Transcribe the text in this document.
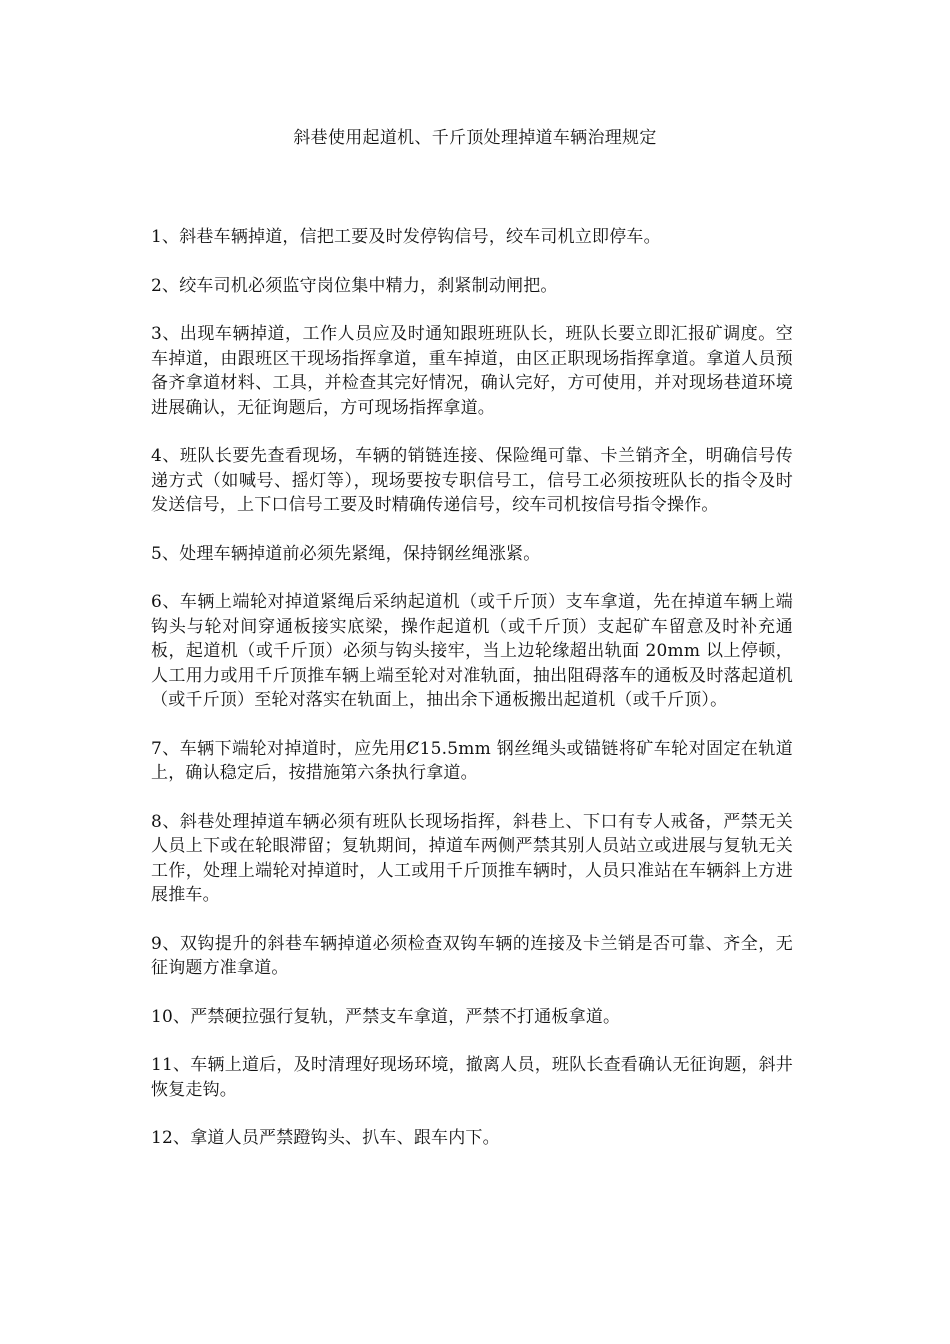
斜巷使用起道机、千斤顶处理掉道车辆治理规定

1、斜巷车辆掉道，信把工要及时发停钩信号，绞车司机立即停车。

2、绞车司机必须监守岗位集中精力，刹紧制动闸把。

3、出现车辆掉道，工作人员应及时通知跟班班队长，班队长要立即汇报矿调度。空车掉道，由跟班区干现场指挥拿道，重车掉道，由区正职现场指挥拿道。拿道人员预备齐拿道材料、工具，并检查其完好情况，确认完好，方可使用，并对现场巷道环境进展确认，无征询题后，方可现场指挥拿道。

4、班队长要先查看现场，车辆的销链连接、保险绳可靠、卡兰销齐全，明确信号传递方式（如喊号、摇灯等），现场要按专职信号工，信号工必须按班队长的指令及时发送信号，上下口信号工要及时精确传递信号，绞车司机按信号指令操作。

5、处理车辆掉道前必须先紧绳，保持钢丝绳涨紧。

6、车辆上端轮对掉道紧绳后采纳起道机（或千斤顶）支车拿道，先在掉道车辆上端钩头与轮对间穿通板接实底梁，操作起道机（或千斤顶）支起矿车留意及时补充通板，起道机（或千斤顶）必须与钩头接牢，当上边轮缘超出轨面 20mm 以上停顿，人工用力或用千斤顶推车辆上端至轮对对准轨面，抽出阻碍落车的通板及时落起道机（或千斤顶）至轮对落实在轨面上，抽出余下通板搬出起道机（或千斤顶）。

7、车辆下端轮对掉道时，应先用Ȼ15.5mm 钢丝绳头或锚链将矿车轮对固定在轨道上，确认稳定后，按措施第六条执行拿道。

8、斜巷处理掉道车辆必须有班队长现场指挥，斜巷上、下口有专人戒备，严禁无关人员上下或在轮眼滞留；复轨期间，掉道车两侧严禁其别人员站立或进展与复轨无关工作，处理上端轮对掉道时，人工或用千斤顶推车辆时，人员只准站在车辆斜上方进展推车。

9、双钩提升的斜巷车辆掉道必须检查双钩车辆的连接及卡兰销是否可靠、齐全，无征询题方准拿道。

10、严禁硬拉强行复轨，严禁支车拿道，严禁不打通板拿道。

11、车辆上道后，及时清理好现场环境，撤离人员，班队长查看确认无征询题，斜井恢复走钩。

12、拿道人员严禁蹬钩头、扒车、跟车内下。
